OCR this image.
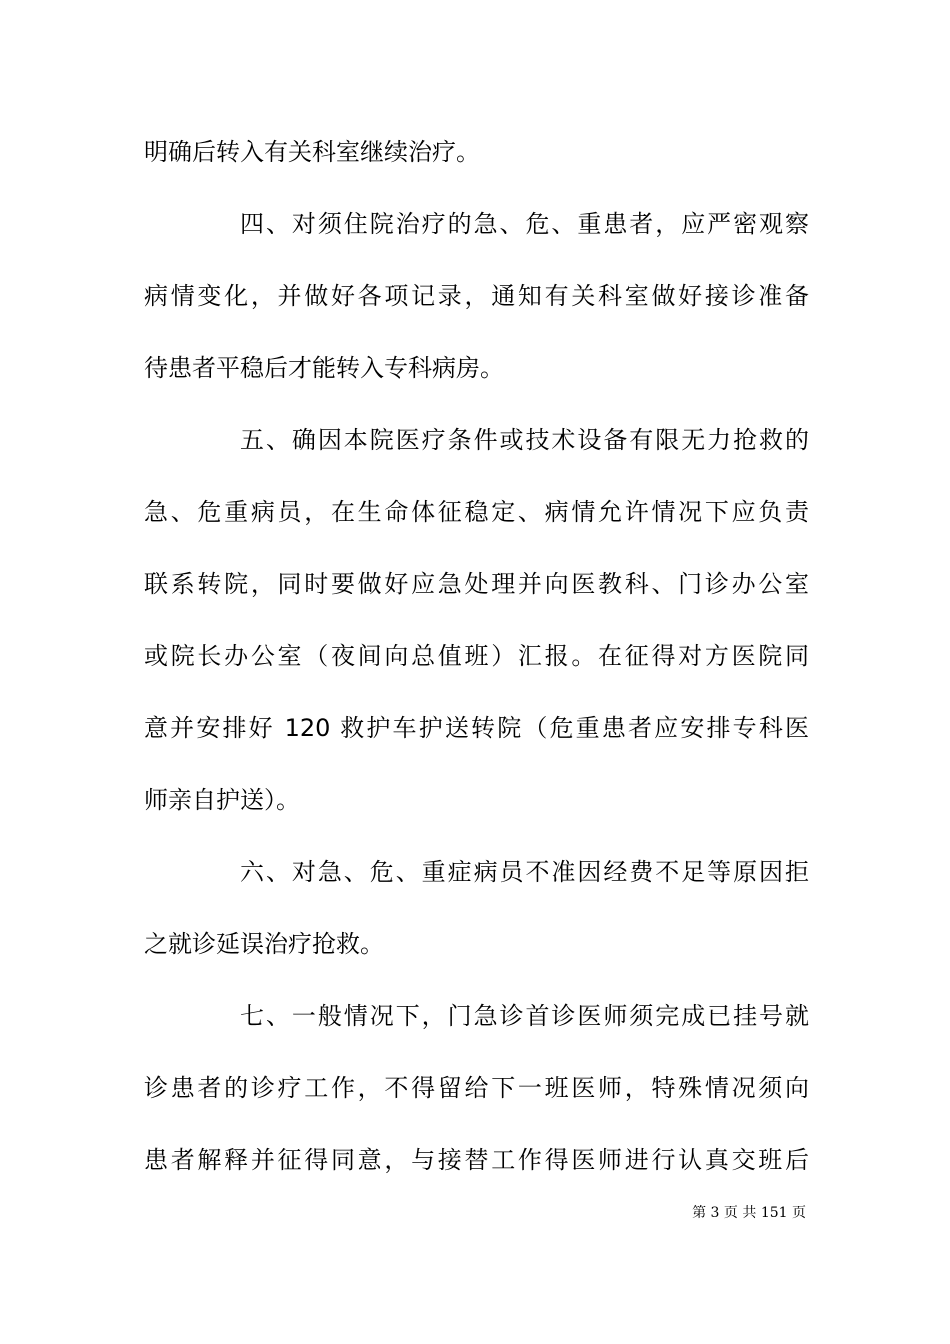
明确后转入有关科室继续治疗。
四、对须住院治疗的急、危、重患者，应严密观察
病情变化，并做好各项记录，通知有关科室做好接诊准备
待患者平稳后才能转入专科病房。
五、确因本院医疗条件或技术设备有限无力抢救的
急、危重病员，在生命体征稳定、病情允许情况下应负责
联系转院，同时要做好应急处理并向医教科、门诊办公室
或院长办公室（夜间向总值班）汇报。在征得对方医院同
意并安排好 120 救护车护送转院（危重患者应安排专科医
师亲自护送）。
六、对急、危、重症病员不准因经费不足等原因拒
之就诊延误治疗抢救。
七、一般情况下，门急诊首诊医师须完成已挂号就
诊患者的诊疗工作，不得留给下一班医师，特殊情况须向
患者解释并征得同意，与接替工作得医师进行认真交班后
第 3 页 共 151 页
